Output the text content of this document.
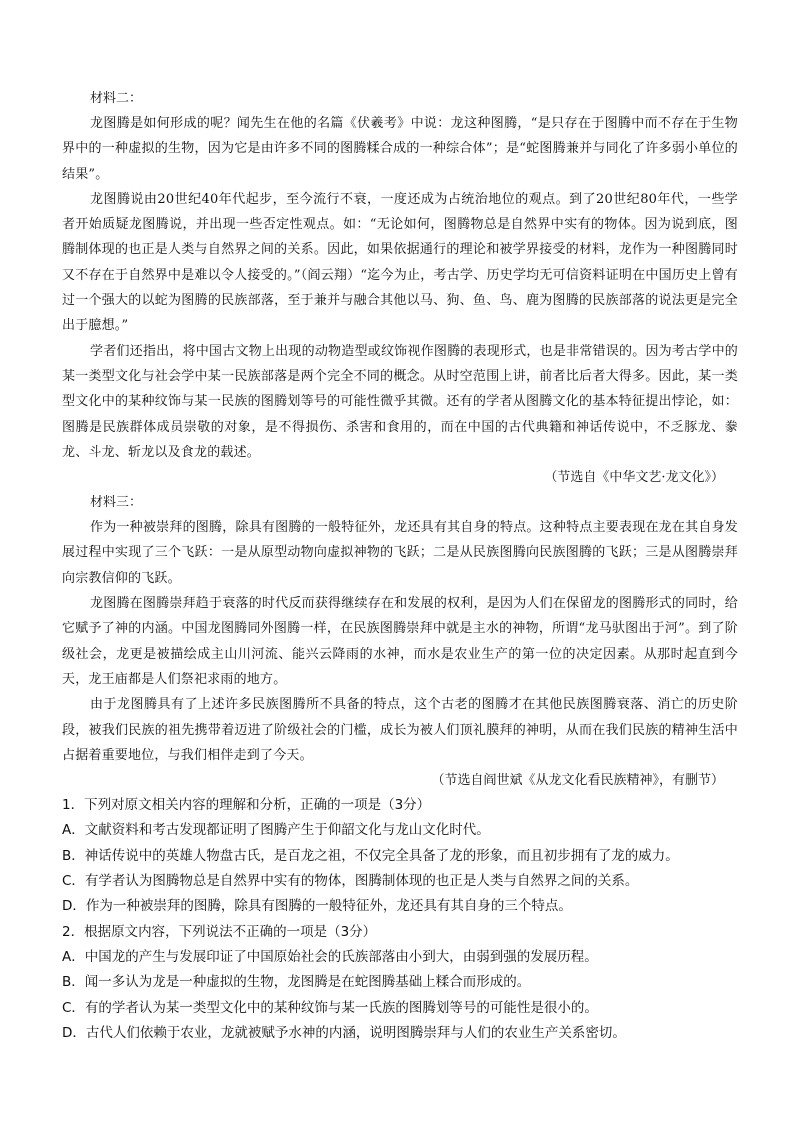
材料二：

龙图腾是如何形成的呢？闻先生在他的名篇《伏羲考》中说：龙这种图腾，“是只存在于图腾中而不存在于生物界中的一种虚拟的生物，因为它是由许多不同的图腾糅合成的一种综合体”；是“蛇图腾兼并与同化了许多弱小单位的结果”。

龙图腾说由20世纪40年代起步，至今流行不衰，一度还成为占统治地位的观点。到了20世纪80年代，一些学者开始质疑龙图腾说，并出现一些否定性观点。如：“无论如何，图腾物总是自然界中实有的物体。因为说到底，图腾制体现的也正是人类与自然界之间的关系。因此，如果依据通行的理论和被学界接受的材料，龙作为一种图腾同时又不存在于自然界中是难以令人接受的。”（阎云翔）“迄今为止，考古学、历史学均无可信资料证明在中国历史上曾有过一个强大的以蛇为图腾的民族部落，至于兼并与融合其他以马、狗、鱼、鸟、鹿为图腾的民族部落的说法更是完全出于臆想。”

学者们还指出，将中国古文物上出现的动物造型或纹饰视作图腾的表现形式，也是非常错误的。因为考古学中的某一类型文化与社会学中某一民族部落是两个完全不同的概念。从时空范围上讲，前者比后者大得多。因此，某一类型文化中的某种纹饰与某一民族的图腾划等号的可能性微乎其微。还有的学者从图腾文化的基本特征提出悖论，如：图腾是民族群体成员崇敬的对象，是不得损伤、杀害和食用的，而在中国的古代典籍和神话传说中，不乏豚龙、豢龙、斗龙、斩龙以及食龙的载述。

（节选自《中华文艺·龙文化》）

材料三：

作为一种被崇拜的图腾，除具有图腾的一般特征外，龙还具有其自身的特点。这种特点主要表现在龙在其自身发展过程中实现了三个飞跃：一是从原型动物向虚拟神物的飞跃；二是从民族图腾向民族图腾的飞跃；三是从图腾崇拜向宗教信仰的飞跃。

龙图腾在图腾崇拜趋于衰落的时代反而获得继续存在和发展的权利，是因为人们在保留龙的图腾形式的同时，给它赋予了神的内涵。中国龙图腾同外图腾一样，在民族图腾崇拜中就是主水的神物，所谓“龙马驮图出于河”。到了阶级社会，龙更是被描绘成主山川河流、能兴云降雨的水神，而水是农业生产的第一位的决定因素。从那时起直到今天，龙王庙都是人们祭祀求雨的地方。

由于龙图腾具有了上述许多民族图腾所不具备的特点，这个古老的图腾才在其他民族图腾衰落、消亡的历史阶段，被我们民族的祖先携带着迈进了阶级社会的门槛，成长为被人们顶礼膜拜的神明，从而在我们民族的精神生活中占据着重要地位，与我们相伴走到了今天。

（节选自阎世斌《从龙文化看民族精神》，有删节）

1．下列对原文相关内容的理解和分析，正确的一项是（3分）

A．文献资料和考古发现都证明了图腾产生于仰韶文化与龙山文化时代。

B．神话传说中的英雄人物盘古氏，是百龙之祖，不仅完全具备了龙的形象，而且初步拥有了龙的威力。

C．有学者认为图腾物总是自然界中实有的物体，图腾制体现的也正是人类与自然界之间的关系。

D．作为一种被崇拜的图腾，除具有图腾的一般特征外，龙还具有其自身的三个特点。

2．根据原文内容，下列说法不正确的一项是（3分）

A．中国龙的产生与发展印证了中国原始社会的氏族部落由小到大，由弱到强的发展历程。

B．闻一多认为龙是一种虚拟的生物，龙图腾是在蛇图腾基础上糅合而形成的。

C．有的学者认为某一类型文化中的某种纹饰与某一氏族的图腾划等号的可能性是很小的。

D．古代人们依赖于农业，龙就被赋予水神的内涵，说明图腾崇拜与人们的农业生产关系密切。
